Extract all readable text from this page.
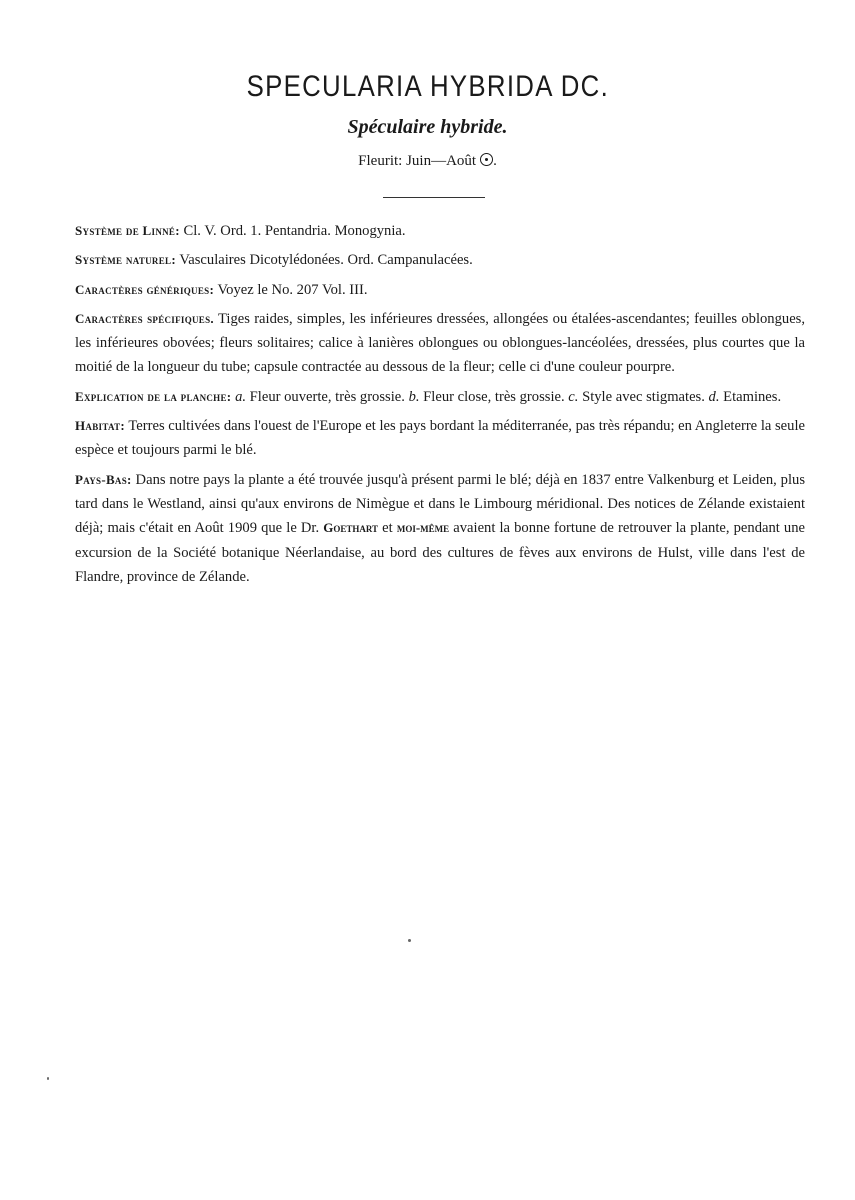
SPECULARIA HYBRIDA DC.
Spéculaire hybride.
Fleurit: Juin—Août .

Système de Linné: Cl. V. Ord. 1. Pentandria. Monogynia.

Système naturel: Vasculaires Dicotylédonées. Ord. Campanulacées.

Caractères génériques: Voyez le No. 207 Vol. III.

Caractères spécifiques. Tiges raides, simples, les inférieures dressées, allongées ou étalées-ascendantes; feuilles oblongues, les inférieures obovées; fleurs solitaires; calice à lanières oblongues ou oblongues-lancéolées, dressées, plus courtes que la moitié de la longueur du tube; capsule contractée au dessous de la fleur; celle ci d'une couleur pourpre.

Explication de la planche: a. Fleur ouverte, très grossie. b. Fleur close, très grossie. c. Style avec stigmates. d. Etamines.

Habitat: Terres cultivées dans l'ouest de l'Europe et les pays bordant la méditerranée, pas très répandu; en Angleterre la seule espèce et toujours parmi le blé.

Pays-Bas: Dans notre pays la plante a été trouvée jusqu'à présent parmi le blé; déjà en 1837 entre Valkenburg et Leiden, plus tard dans le Westland, ainsi qu'aux environs de Nimègue et dans le Limbourg méridional. Des notices de Zélande existaient déjà; mais c'était en Août 1909 que le Dr. Goethart et moi-même avaient la bonne fortune de retrouver la plante, pendant une excursion de la Société botanique Néerlandaise, au bord des cultures de fèves aux environs de Hulst, ville dans l'est de Flandre, province de Zélande.
